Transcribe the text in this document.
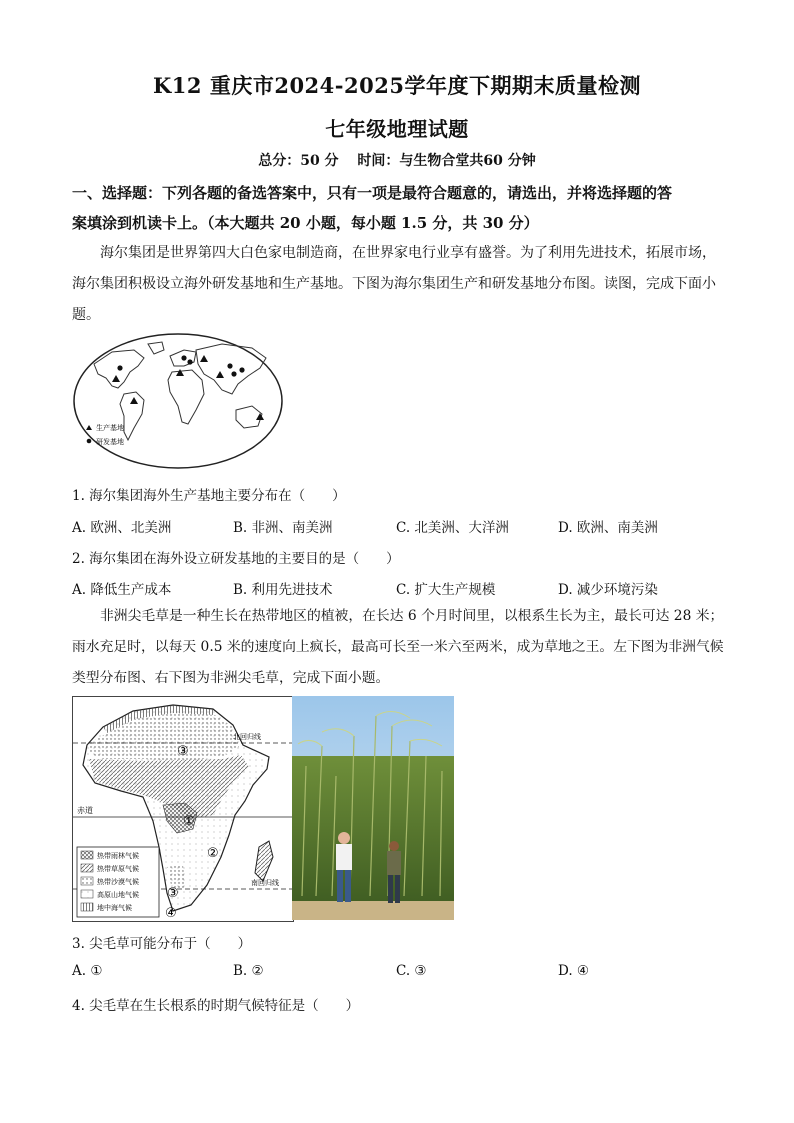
K12 重庆市2024-2025学年度下期期末质量检测
七年级地理试题
总分：50 分　 时间：与生物合堂共60 分钟

一、选择题：下列各题的备选答案中，只有一项是最符合题意的，请选出，并将选择题的答

案填涂到机读卡上。（本大题共 20 小题，每小题 1.5 分，共 30 分）

海尔集团是世界第四大白色家电制造商，在世界家电行业享有盛誉。为了利用先进技术，拓展市场，

海尔集团积极设立海外研发基地和生产基地。下图为海尔集团生产和研发基地分布图。读图，完成下面小

题。

生产基地
研发基地
1. 海尔集团海外生产基地主要分布在（　　）
A. 欧洲、北美洲	B. 非洲、南美洲	C. 北美洲、大洋洲	D. 欧洲、南美洲
2. 海尔集团在海外设立研发基地的主要目的是（　　）
A. 降低生产成本	B. 利用先进技术	C. 扩大生产规模	D. 减少环境污染

非洲尖毛草是一种生长在热带地区的植被，在长达 6 个月时间里，以根系生长为主，最长可达 28 米；

雨水充足时，以每天 0.5 米的速度向上疯长，最高可长至一米六至两米，成为草地之王。左下图为非洲气候

类型分布图、右下图为非洲尖毛草，完成下面小题。

北回归线
赤道
南回归线
③
①
②
③
④
热带雨林气候
热带草原气候
热带沙漠气候
高原山地气候
地中海气候
3. 尖毛草可能分布于（　　）
A. ①	B. ②	C. ③	D. ④
4. 尖毛草在生长根系的时期气候特征是（　　）
